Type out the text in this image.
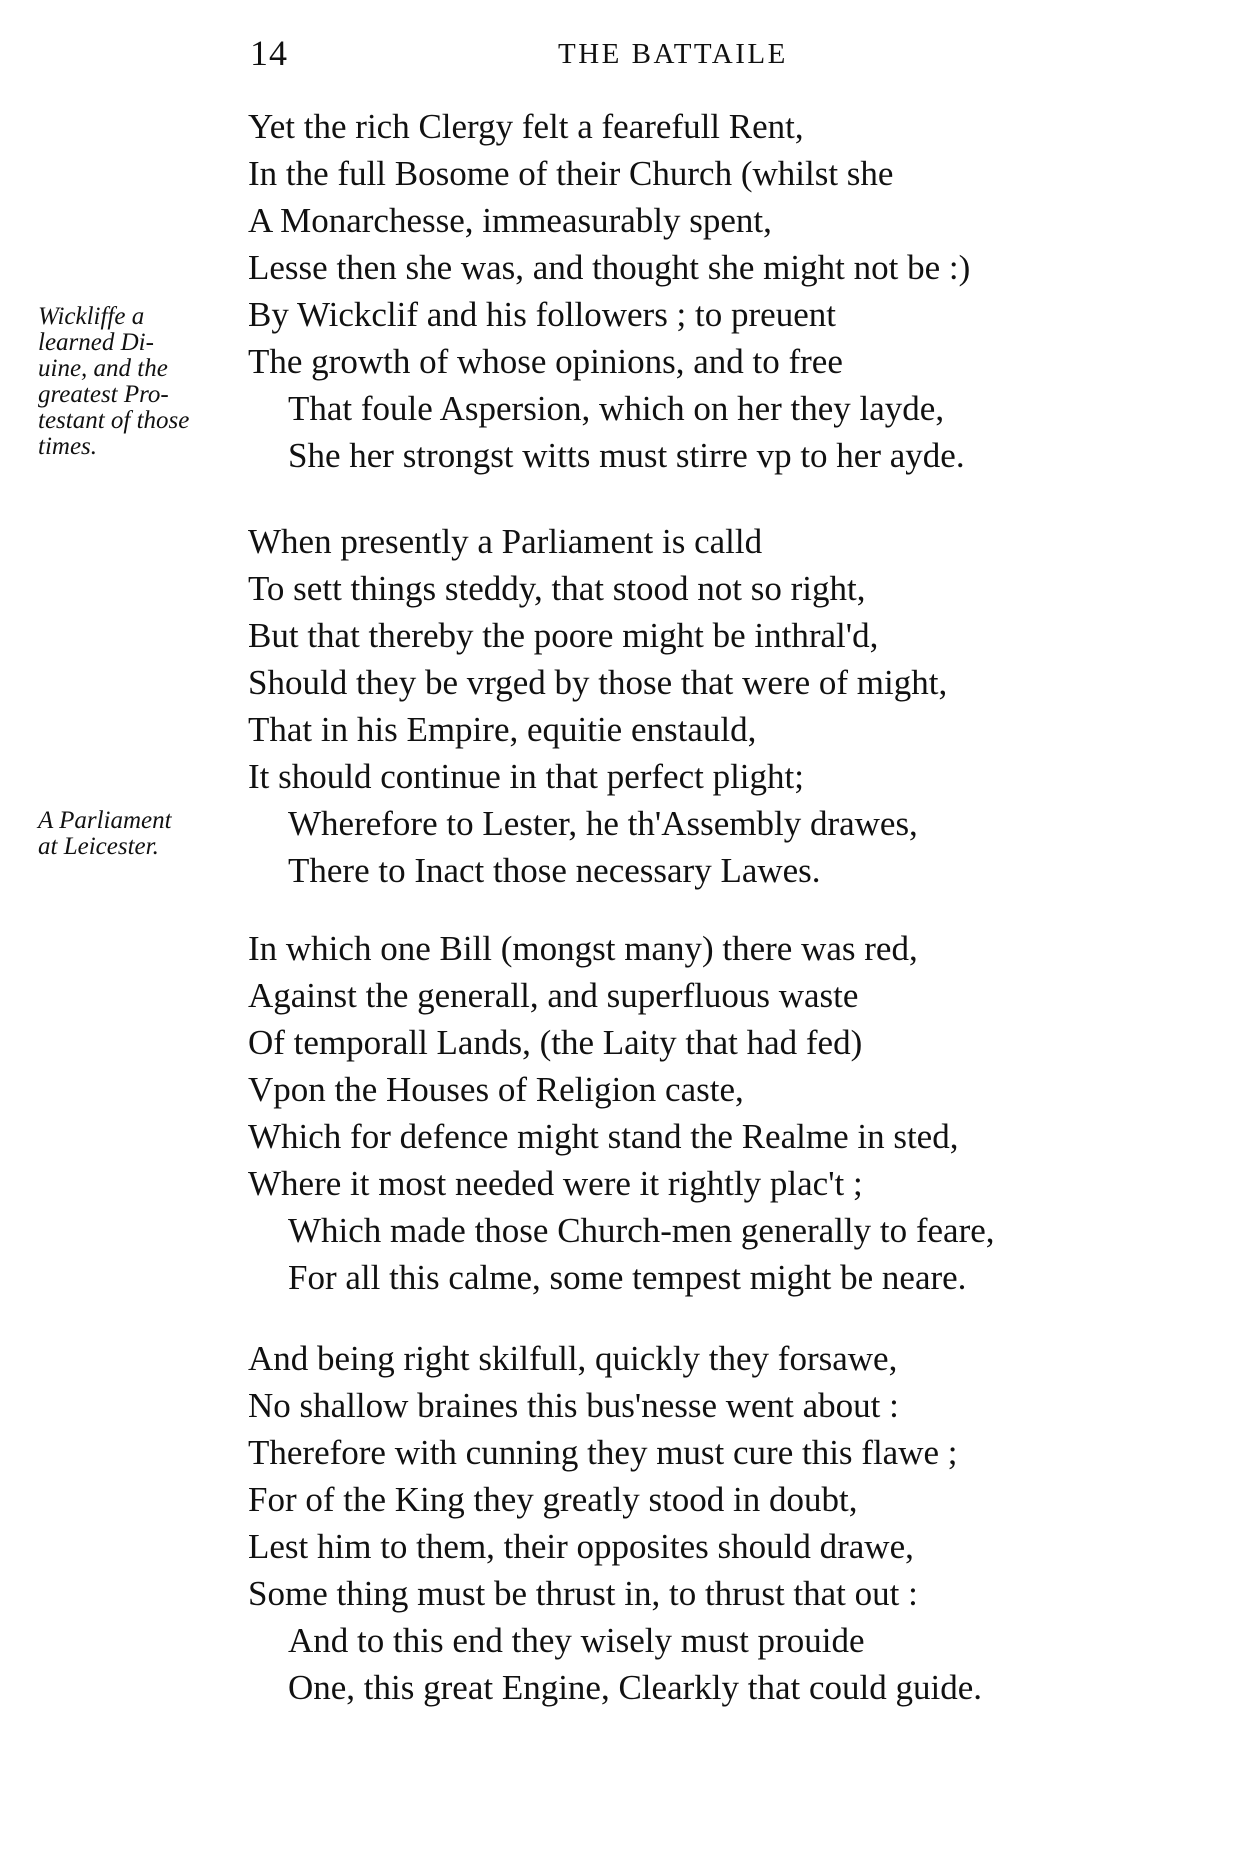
14	THE BATTAILE
Yet the rich Clergy felt a fearefull Rent,
In the full Bosome of their Church (whilst she
A Monarchesse, immeasurably spent,
Lesse then she was, and thought she might not be :)
By Wickclif and his followers ; to preuent
The growth of whose opinions, and to free
That foule Aspersion, which on her they layde,
She her strongst witts must stirre vp to her ayde.
When presently a Parliament is calld
To sett things steddy, that stood not so right,
But that thereby the poore might be inthral'd,
Should they be vrged by those that were of might,
That in his Empire, equitie enstauld,
It should continue in that perfect plight;
Wherefore to Lester, he th'Assembly drawes,
There to Inact those necessary Lawes.
In which one Bill (mongst many) there was red,
Against the generall, and superfluous waste
Of temporall Lands, (the Laity that had fed)
Vpon the Houses of Religion caste,
Which for defence might stand the Realme in sted,
Where it most needed were it rightly plac't ;
Which made those Church-men generally to feare,
For all this calme, some tempest might be neare.
And being right skilfull, quickly they forsawe,
No shallow braines this bus'nesse went about :
Therefore with cunning they must cure this flawe ;
For of the King they greatly stood in doubt,
Lest him to them, their opposites should drawe,
Some thing must be thrust in, to thrust that out :
And to this end they wisely must prouide
One, this great Engine, Clearkly that could guide.
Wickliffe a
learned Di-
uine, and the
greatest Pro-
testant of those
times.
A Parliament
at Leicester.
